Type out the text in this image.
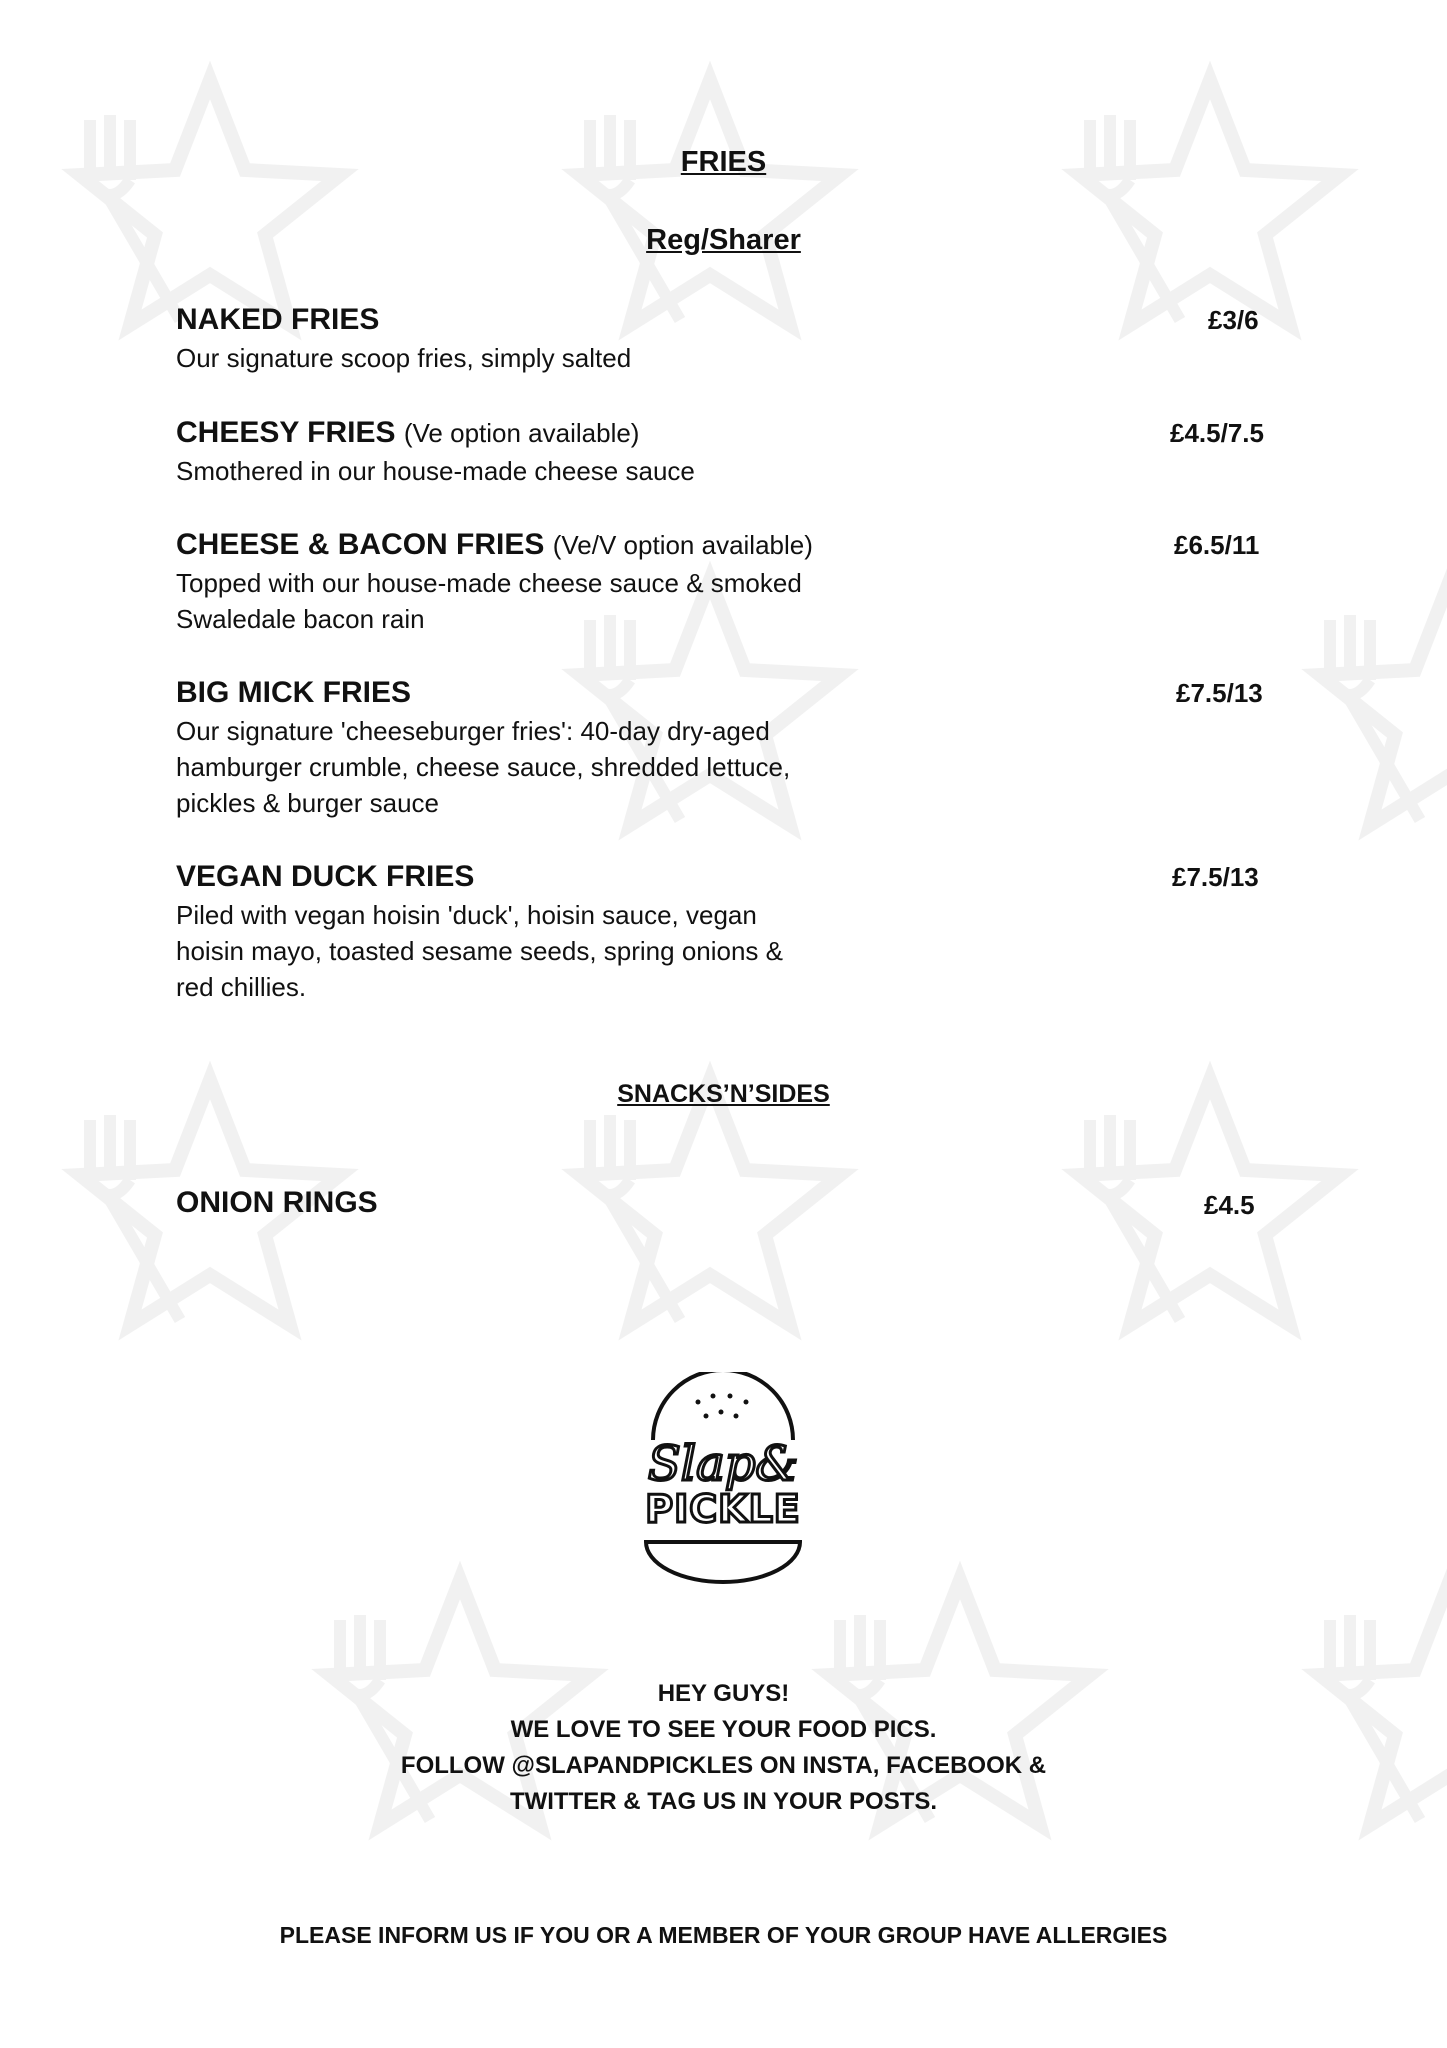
FRIES
Reg/Sharer
NAKED FRIES
Our signature scoop fries, simply salted
£3/6
CHEESY FRIES (Ve option available)
Smothered in our house-made cheese sauce
£4.5/7.5
CHEESE & BACON FRIES (Ve/V option available)
Topped with our house-made cheese sauce & smoked
Swaledale bacon rain
£6.5/11
BIG MICK FRIES
Our signature 'cheeseburger fries': 40-day dry-aged
hamburger crumble, cheese sauce, shredded lettuce,
pickles & burger sauce
£7.5/13
VEGAN DUCK FRIES
Piled with vegan hoisin 'duck', hoisin sauce, vegan
hoisin mayo, toasted sesame seeds, spring onions &
red chillies.
£7.5/13
SNACKS’N’SIDES
ONION RINGS	£4.5
Slap&
PICKLE
HEY GUYS!
WE LOVE TO SEE YOUR FOOD PICS.
FOLLOW @SLAPANDPICKLES ON INSTA, FACEBOOK &
TWITTER & TAG US IN YOUR POSTS.
PLEASE INFORM US IF YOU OR A MEMBER OF YOUR GROUP HAVE ALLERGIES
